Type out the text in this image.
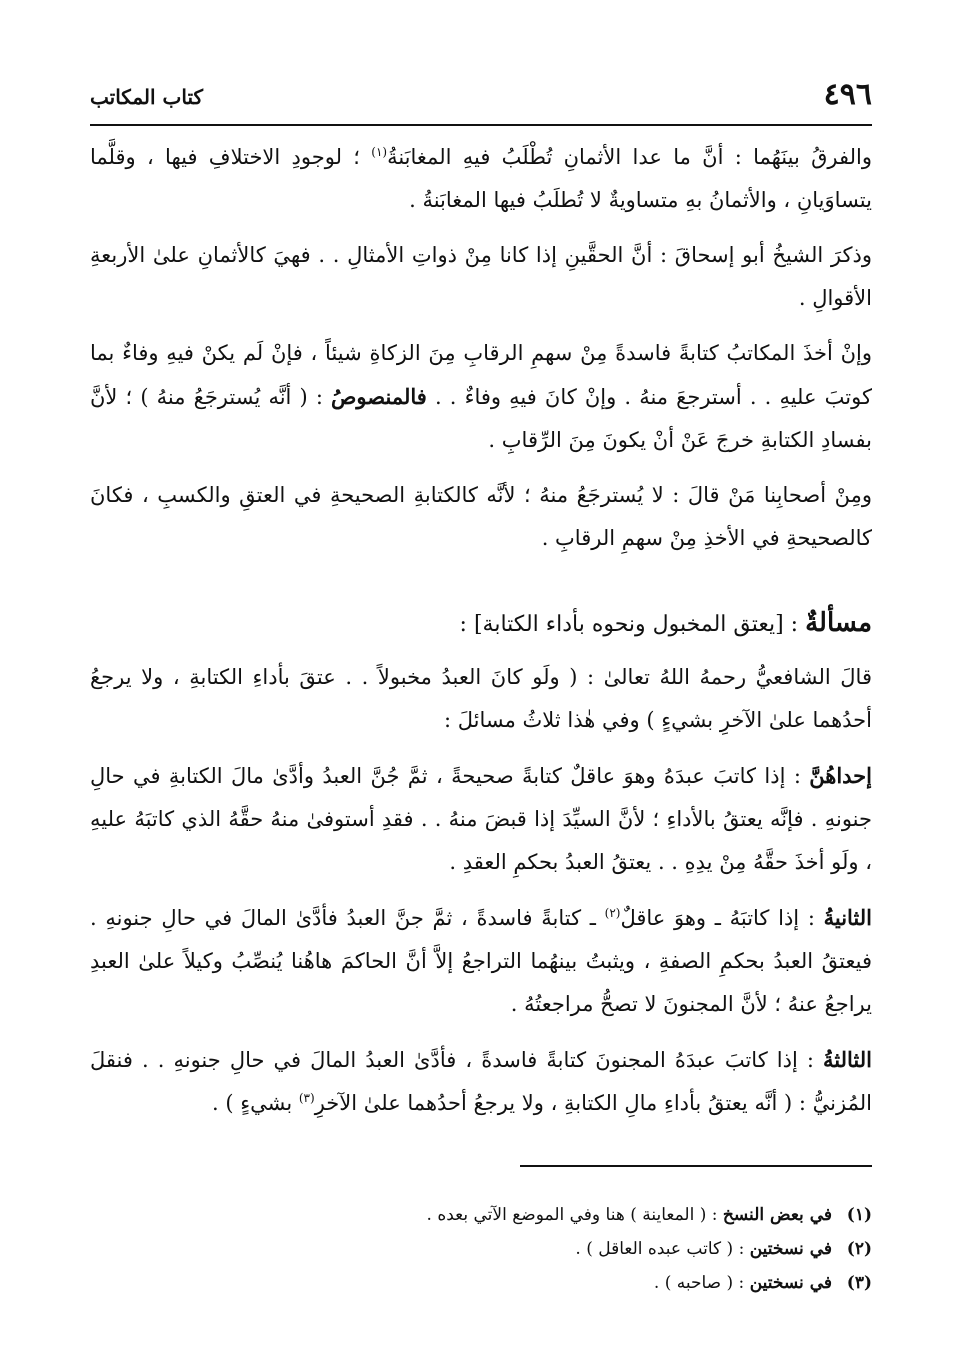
٤٩٦
كتاب المكاتب

والفرقُ بينَهُما : أنَّ ما عدا الأثمانِ تُطْلَبُ فيهِ المغابَنةُ$^{(١)}$ ؛ لوجودِ الاختلافِ فيها ، وقلَّما يتساوَيانِ ، والأثمانُ بهِ متساويةٌ لا تُطلَبُ فيها المغابَنةُ .

وذكرَ الشيخُ أبو إسحاقَ : أنَّ الحقَّينِ إذا كانا مِنْ ذواتِ الأمثالِ . . فهيَ كالأثمانِ علىٰ الأربعةِ الأقوالِ .

وإنْ أخذَ المكاتبُ كتابةً فاسدةً مِنْ سهمِ الرقابِ مِنَ الزكاةِ شيئاً ، فإنْ لَم يكنْ فيهِ وفاءٌ بما كوتبَ عليهِ . . أسترجعَ منهُ . وإنْ كانَ فيهِ وفاءٌ . . فالمنصوصُ : ( أنَّه يُسترجَعُ منهُ ) ؛ لأنَّ بفسادِ الكتابةِ خرجَ عَنْ أنْ يكونَ مِنَ الرِّقابِ .

ومِنْ أصحابِنا مَنْ قالَ : لا يُسترجَعُ منهُ ؛ لأنَّه كالكتابةِ الصحيحةِ في العتقِ والكسبِ ، فكانَ كالصحيحةِ في الأخذِ مِنْ سهمِ الرقابِ .

مسألةٌ : [يعتق المخبول ونحوه بأداء الكتابة] :

قالَ الشافعيُّ رحمهُ اللهُ تعالىٰ : ( ولَو كانَ العبدُ مخبولاً . . عتقَ بأداءِ الكتابةِ ، ولا يرجعُ أحدُهما علىٰ الآخرِ بشيءٍ ) وفي هٰذا ثلاثُ مسائلَ :

إحداهُنَّ : إذا كاتبَ عبدَهُ وهوَ عاقلٌ كتابةً صحيحةً ، ثمَّ جُنَّ العبدُ وأدَّىٰ مالَ الكتابةِ في حالِ جنونهِ . فإنَّه يعتقُ بالأداءِ ؛ لأنَّ السيِّدَ إذا قبضَ منهُ . . فقدِ أستوفىٰ منهُ حقَّهُ الذي كاتبَهُ عليهِ ، ولَو أخذَ حقَّهُ مِنْ يدِهِ . . يعتقُ العبدُ بحكمِ العقدِ .

الثانيةُ : إذا كاتبَهُ ـ وهوَ عاقلٌ$^{(٢)}$ ـ كتابةً فاسدةً ، ثمَّ جنَّ العبدُ فأدَّىٰ المالَ في حالِ جنونهِ . فيعتقُ العبدُ بحكمِ الصفةِ ، ويثبتُ بينهُما التراجعُ إلاَّ أنَّ الحاكمَ هاهُنا يُنصِّبُ وكيلاً علىٰ العبدِ يراجعُ عنهُ ؛ لأنَّ المجنونَ لا تصحُّ مراجعتُهُ .

الثالثةُ : إذا كاتبَ عبدَهُ المجنونَ كتابةً فاسدةً ، فأدَّىٰ العبدُ المالَ في حالِ جنونهِ . . فنقلَ المُزنيُّ : ( أنَّه يعتقُ بأداءِ مالِ الكتابةِ ، ولا يرجعُ أحدُهما علىٰ الآخرِ$^{(٣)}$ بشيءٍ ) .

(١)في بعض النسخ : ( المعاينة ) هنا وفي الموضع الآتي بعده .
(٢)في نسختين : ( كاتب عبده العاقل ) .
(٣)في نسختين : ( صاحبه ) .
